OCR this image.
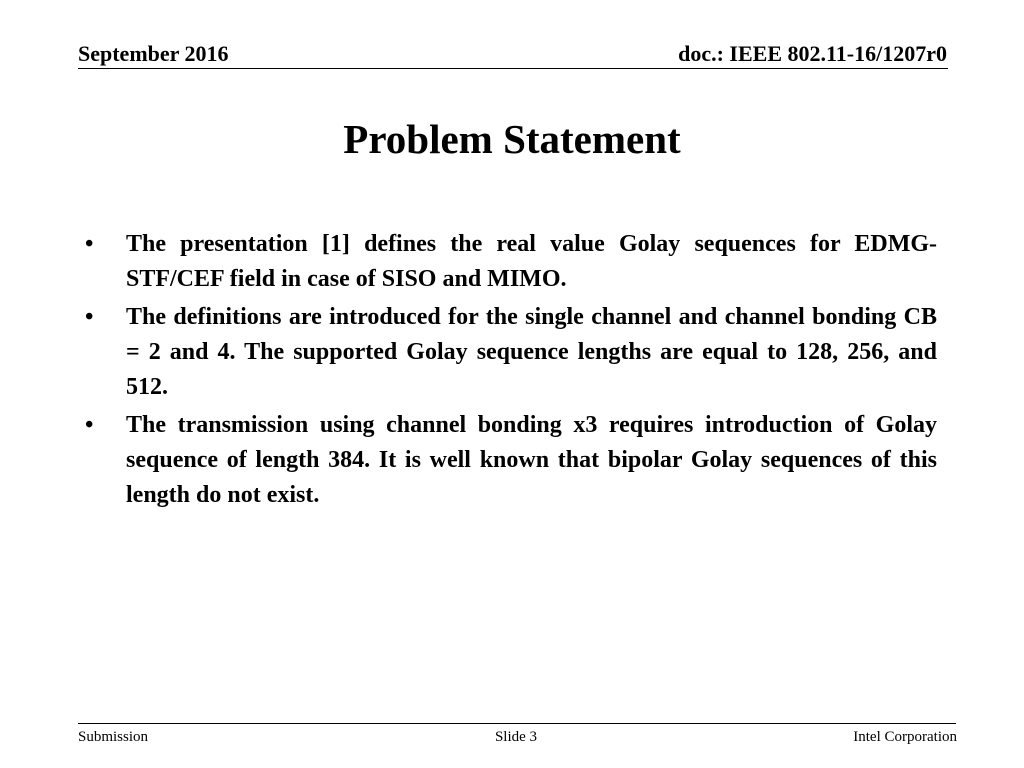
September 2016	doc.: IEEE 802.11-16/1207r0
Problem Statement
•	The presentation [1] defines the real value Golay sequences for EDMG-STF/CEF field in case of SISO and MIMO.
•	The definitions are introduced for the single channel and channel bonding CB = 2 and 4. The supported Golay sequence lengths are equal to 128, 256, and 512.
•	The transmission using channel bonding x3 requires introduction of Golay sequence of length 384. It is well known that bipolar Golay sequences of this length do not exist.
Submission	Slide 3	Intel Corporation
